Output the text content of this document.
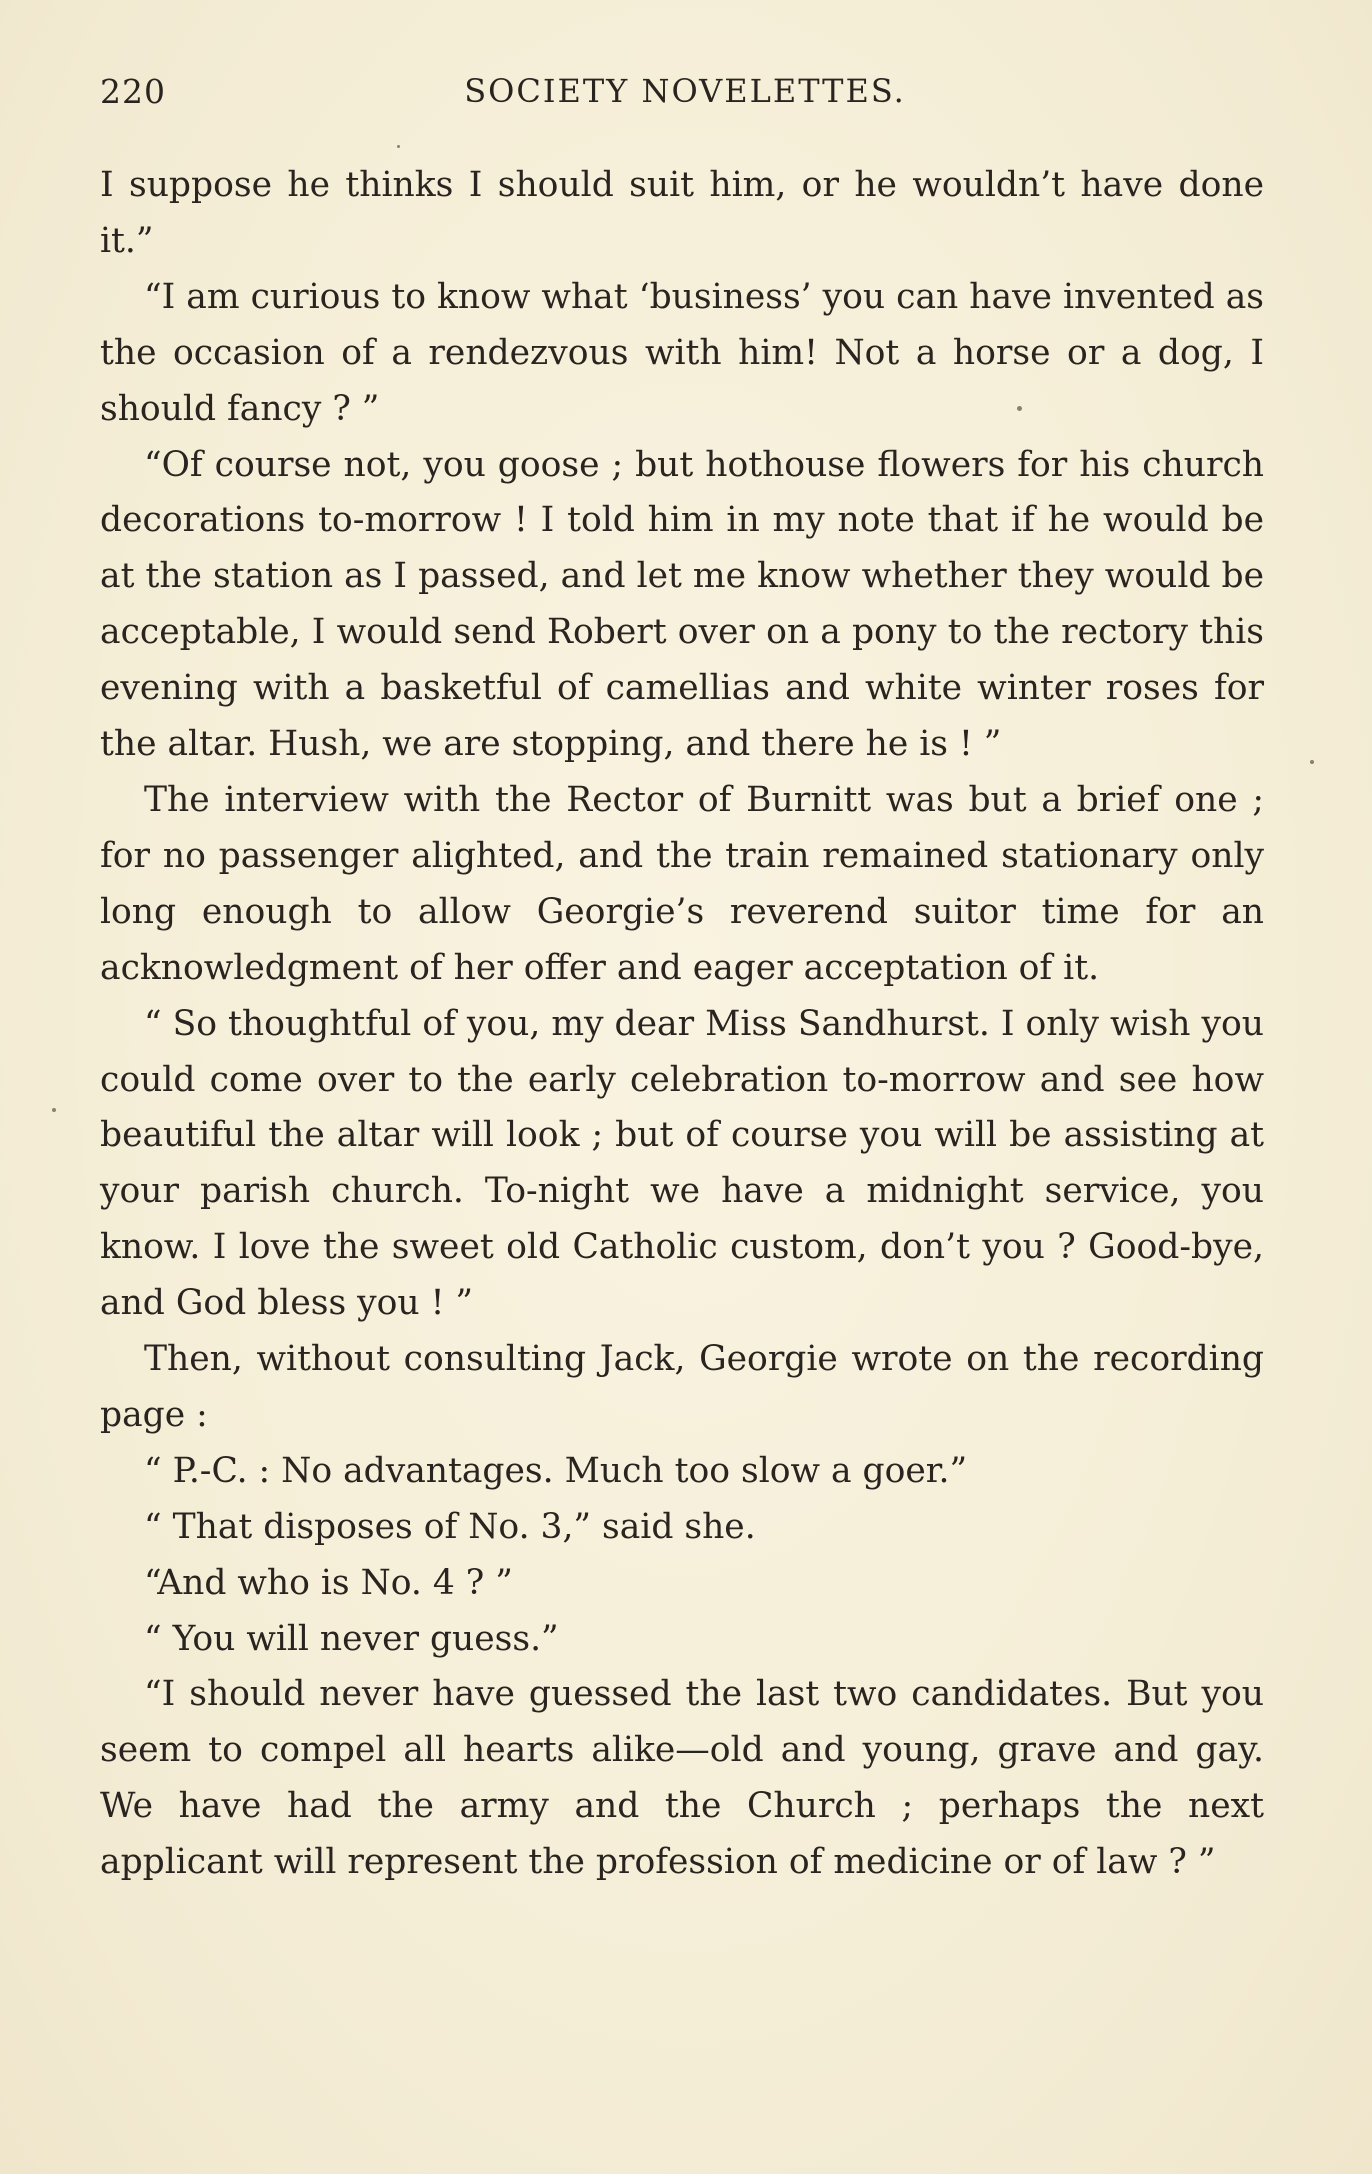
220	SOCIETY NOVELETTES.

I suppose he thinks I should suit him, or he wouldn’t have done it.”

“I am curious to know what ‘business’ you can have invented as the occasion of a rendezvous with him! Not a horse or a dog, I should fancy ? ”

“Of course not, you goose ; but hothouse flowers for his church decorations to-morrow ! I told him in my note that if he would be at the station as I passed, and let me know whether they would be acceptable, I would send Robert over on a pony to the rectory this evening with a basketful of camellias and white winter roses for the altar. Hush, we are stopping, and there he is ! ”

The interview with the Rector of Burnitt was but a brief one ; for no passenger alighted, and the train remained stationary only long enough to allow Georgie’s reverend suitor time for an acknowledgment of her offer and eager acceptation of it.

“ So thoughtful of you, my dear Miss Sandhurst. I only wish you could come over to the early celebration to-morrow and see how beautiful the altar will look ; but of course you will be assisting at your parish church. To-night we have a midnight service, you know. I love the sweet old Catholic custom, don’t you ? Good-bye, and God bless you ! ”

Then, without consulting Jack, Georgie wrote on the recording page :

“ P.-C. : No advantages. Much too slow a goer.”

“ That disposes of No. 3,” said she.

“And who is No. 4 ? ”

“ You will never guess.”

“I should never have guessed the last two candidates. But you seem to compel all hearts alike—old and young, grave and gay. We have had the army and the Church ; perhaps the next applicant will represent the profession of medicine or of law ? ”
